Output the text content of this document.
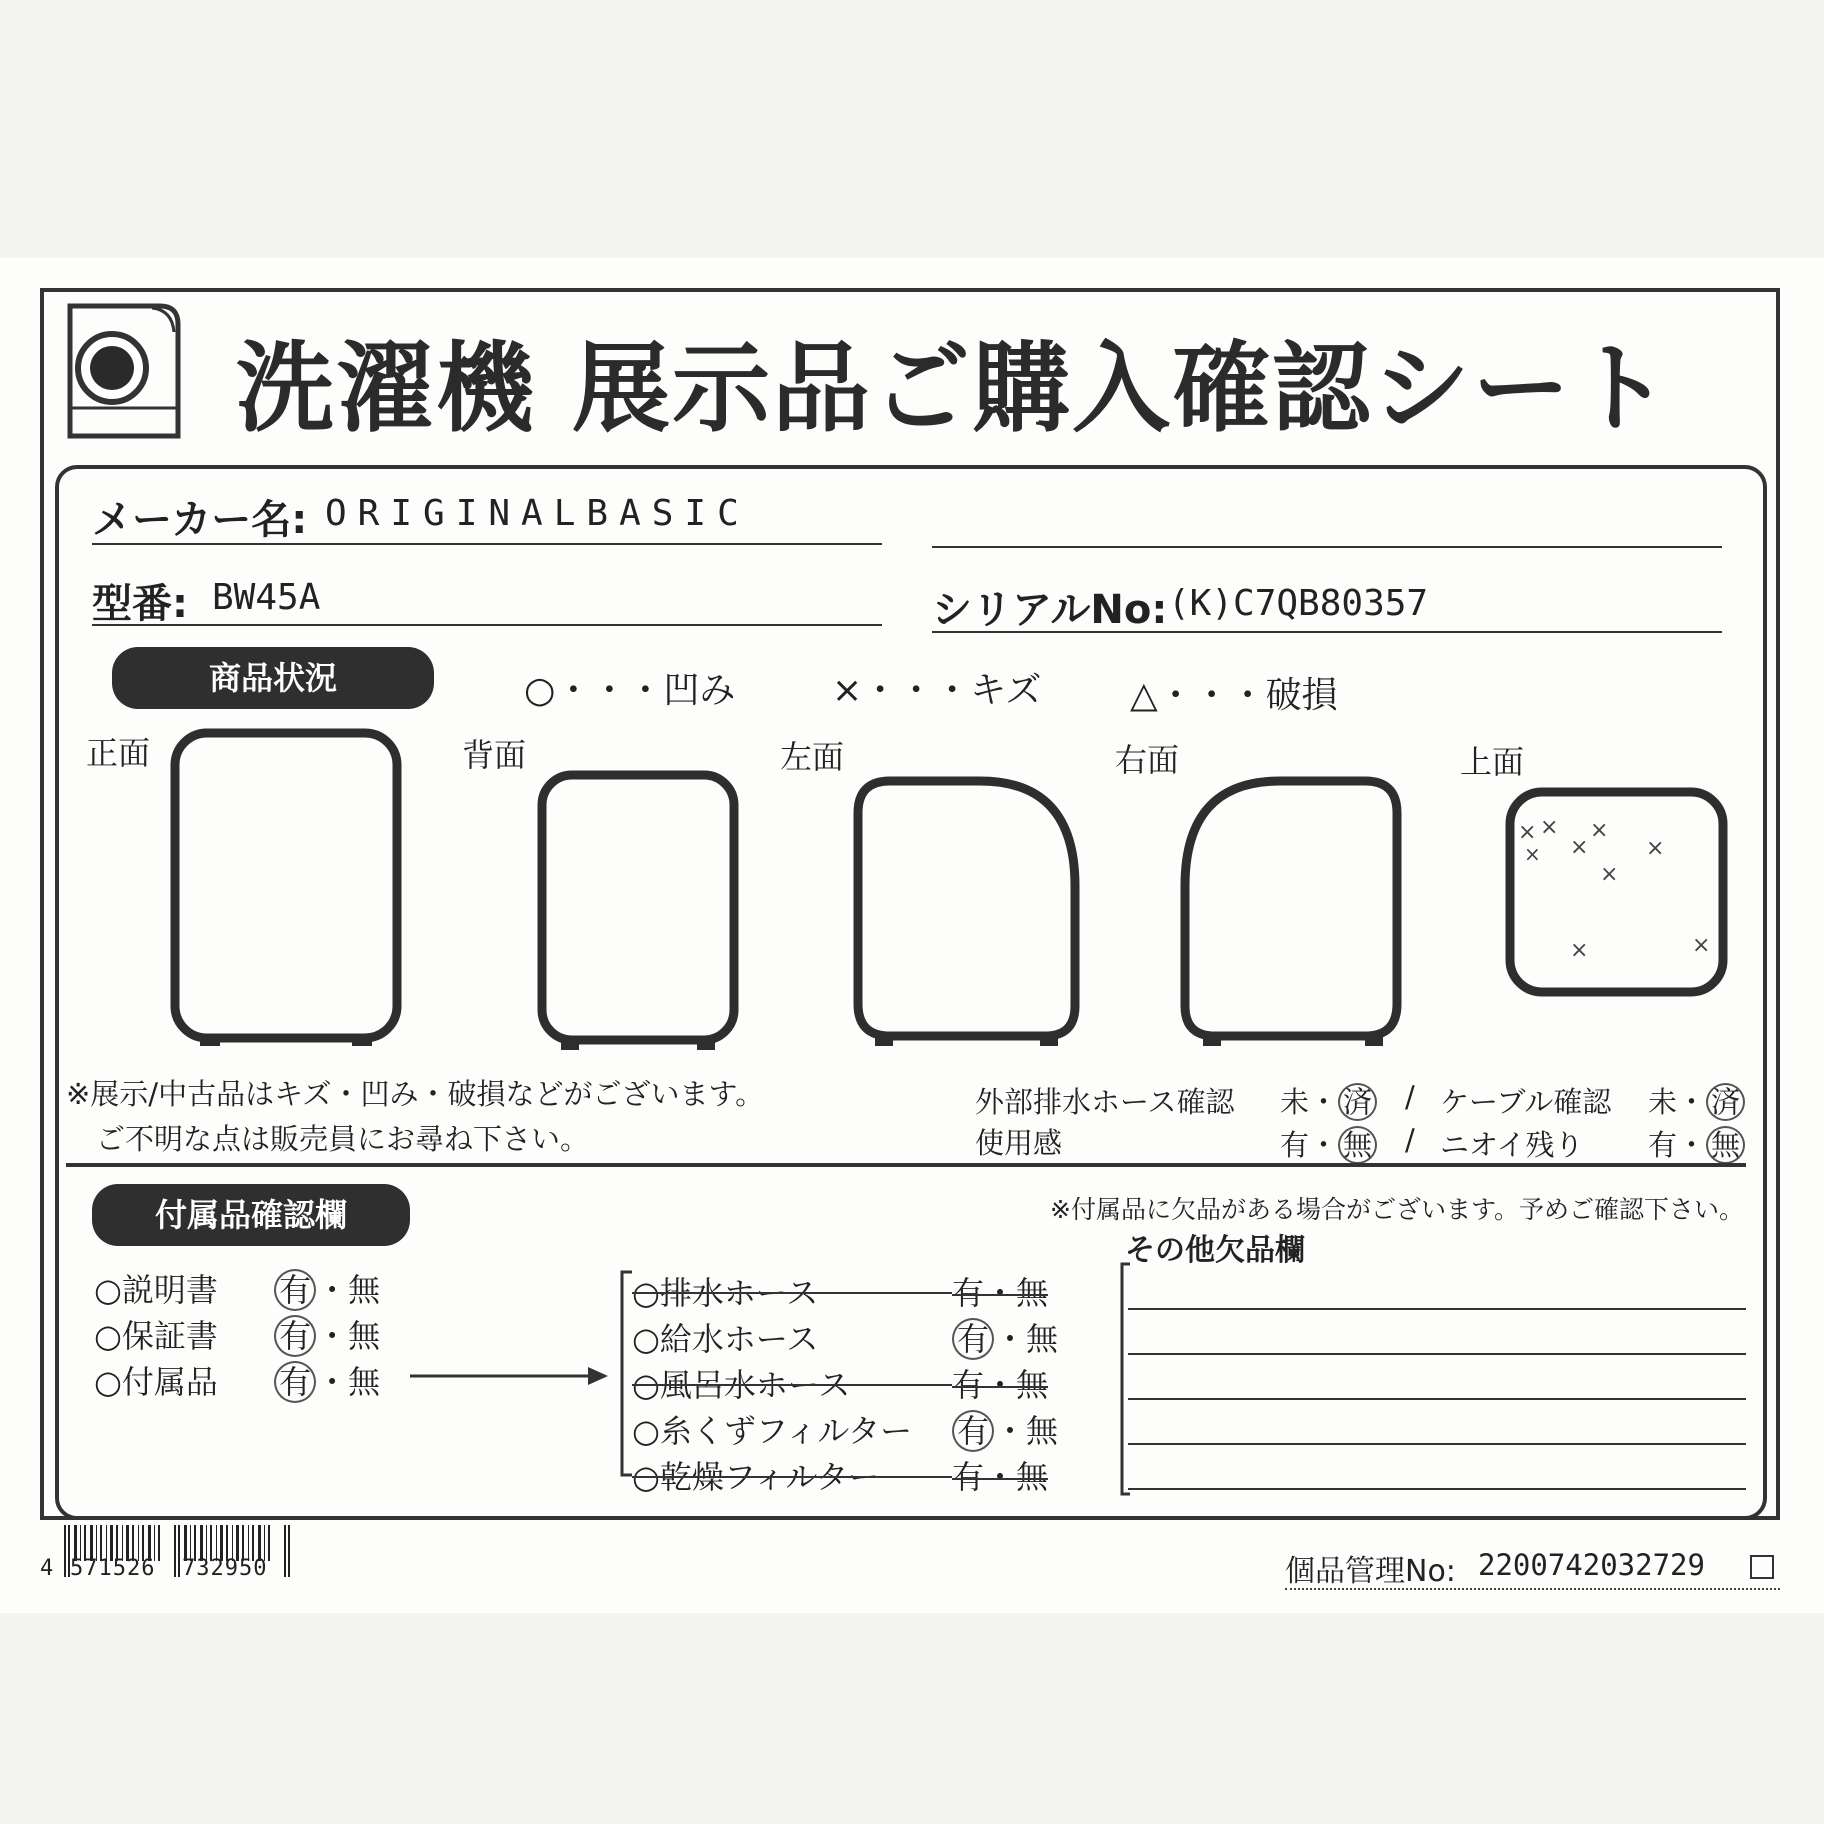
洗濯機 展示品ご購入確認シート
メーカー名: ORIGINALBASIC
型番: BW45A	シリアルNo: (K)C7QB80357
商品状況	○・・・凹み	×・・・キズ △・・・破損
正面	背面	左面	右面	上面
× ×
×
×
×
×
×	×
×
※展示/中古品はキズ・凹み・破損などがございます。
ご不明な点は販売員にお尋ね下さい。
外部排水ホース確認 未・ 済 / ケーブル確認 未・ 済
使用感	有・ 無 / ニオイ残り 有・ 無
付属品確認欄	※付属品に欠品がある場合がございます。予めご確認下さい。
○説明書 有 ・無
○保証書 有 ・無
○付属品 有 ・無
○排水ホース	有・無
○給水ホース	有 ・無
○風呂水ホース	有・無
○糸くずフィルター 有 ・無
○乾燥フィルター 有・無
その他欠品欄
4 571526 732950	個品管理No: 2200742032729
